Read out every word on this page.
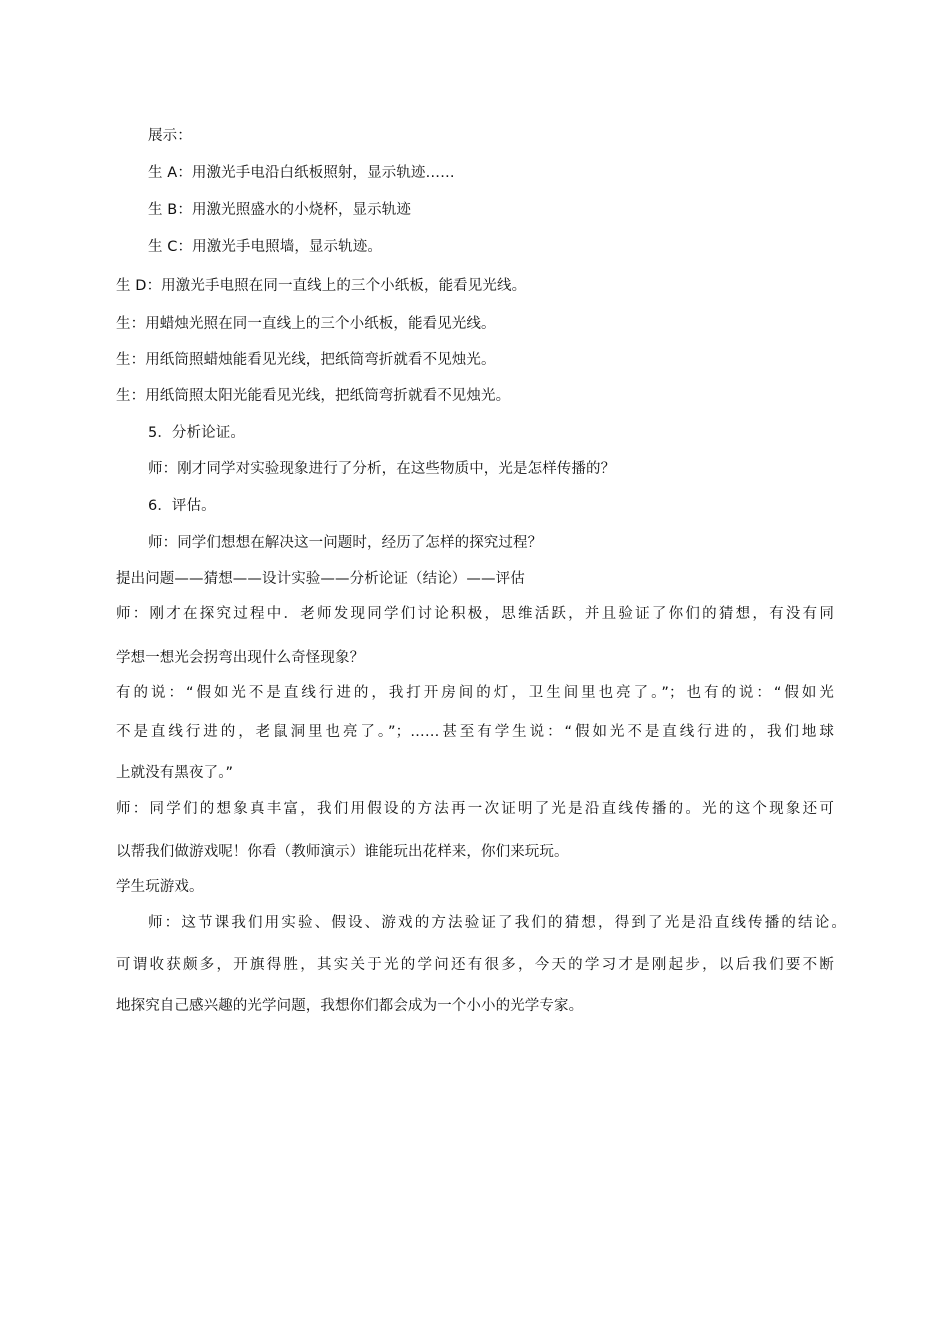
展示：
生 A：用激光手电沿白纸板照射，显示轨迹……
生 B：用激光照盛水的小烧杯，显示轨迹
生 C：用激光手电照墙，显示轨迹。
生 D：用激光手电照在同一直线上的三个小纸板，能看见光线。
生：用蜡烛光照在同一直线上的三个小纸板，能看见光线。
生：用纸筒照蜡烛能看见光线，把纸筒弯折就看不见烛光。
生：用纸筒照太阳光能看见光线，把纸筒弯折就看不见烛光。
5．分析论证。
师：刚才同学对实验现象进行了分析，在这些物质中，光是怎样传播的？
6．评估。
师：同学们想想在解决这一问题时，经历了怎样的探究过程？
提出问题——猜想——设计实验——分析论证（结论）——评估
师：刚才在探究过程中．老师发现同学们讨论积极，思维活跃，并且验证了你们的猜想，有没有同
学想一想光会拐弯出现什么奇怪现象？
有的说：“假如光不是直线行进的，我打开房间的灯，卫生间里也亮了。”；也有的说：“假如光
不是直线行进的，老鼠洞里也亮了。”；……甚至有学生说：“假如光不是直线行进的，我们地球
上就没有黑夜了。”
师：同学们的想象真丰富，我们用假设的方法再一次证明了光是沿直线传播的。光的这个现象还可
以帮我们做游戏呢！你看（教师演示）谁能玩出花样来，你们来玩玩。
学生玩游戏。
师：这节课我们用实验、假设、游戏的方法验证了我们的猜想，得到了光是沿直线传播的结论。
可谓收获颇多，开旗得胜，其实关于光的学问还有很多，今天的学习才是刚起步，以后我们要不断
地探究自己感兴趣的光学问题，我想你们都会成为一个小小的光学专家。
